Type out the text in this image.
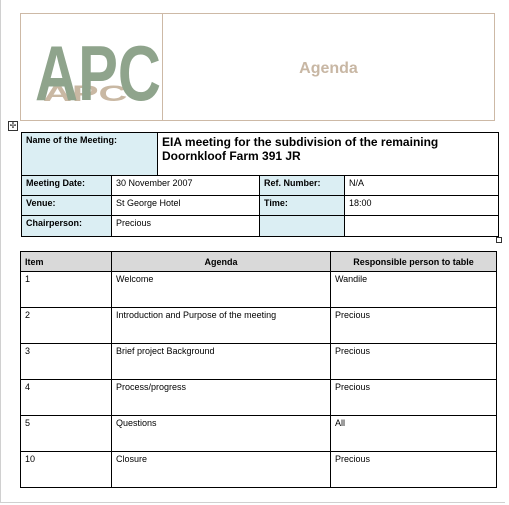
APC
APC	Agenda
✢
Name of the Meeting:		EIA meeting for the subdivision of the remaining Doornkloof Farm 391 JR		
Meeting Date:	30 November 2007		Ref. Number:	N/A
Venue:	St George Hotel		Time:	18:00
Chairperson:	Precious			
Item	Agenda	Responsible person to table
1	Welcome	Wandile
2	Introduction and Purpose of the meeting	Precious
3	Brief project Background	Precious
4	Process/progress	Precious
5	Questions	All
10	Closure	Precious
